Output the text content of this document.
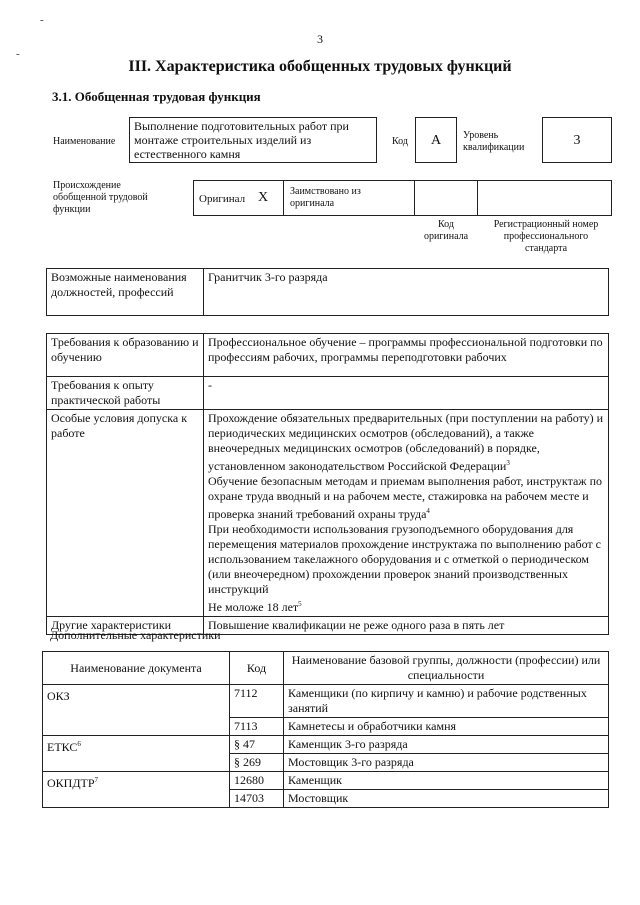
-
-
3
III. Характеристика обобщенных трудовых функций
3.1. Обобщенная трудовая функция
Наименование
Выполнение подготовительных работ при монтаже строительных изделий из естественного камня
Код	А	Уровень квалификации	3
Происхождение обобщенной трудовой функции
Оригинал X Заимствовано из оригинала
Код оригинала
Регистрационный номер профессионального стандарта
Возможные наименования должностей, профессий	Гранитчик 3-го разряда
Требования к образованию и обучению	Профессиональное обучение – программы профессиональной подготовки по профессиям рабочих, программы переподготовки рабочих
Требования к опыту практической работы	-
Особые условия допуска к работе	Прохождение обязательных предварительных (при поступлении на работу) и периодических медицинских осмотров (обследований), а также внеочередных медицинских осмотров (обследований) в порядке, установленном законодательством Российской Федерации$^3$
Обучение безопасным методам и приемам выполнения работ, инструктаж по охране труда вводный и на рабочем месте, стажировка на рабочем месте и проверка знаний требований охраны труда$^4$
При необходимости использования грузоподъемного оборудования для перемещения материалов прохождение инструктажа по выполнению работ с использованием такелажного оборудования и с отметкой о периодическом (или внеочередном) прохождении проверок знаний производственных инструкций
Не моложе 18 лет$^5$

Другие характеристики	Повышение квалификации не реже одного раза в пять лет
Дополнительные характеристики
Наименование документа	Код	Наименование базовой группы, должности (профессии) или специальности
ОКЗ	7112	Каменщики (по кирпичу и камню) и рабочие родственных занятий
	7113	Камнетесы и обработчики камня
ЕТКС$^6$	§ 47	Каменщик 3-го разряда
	§ 269	Мостовщик 3-го разряда
ОКПДТР$^7$	12680	Каменщик
	14703	Мостовщик
